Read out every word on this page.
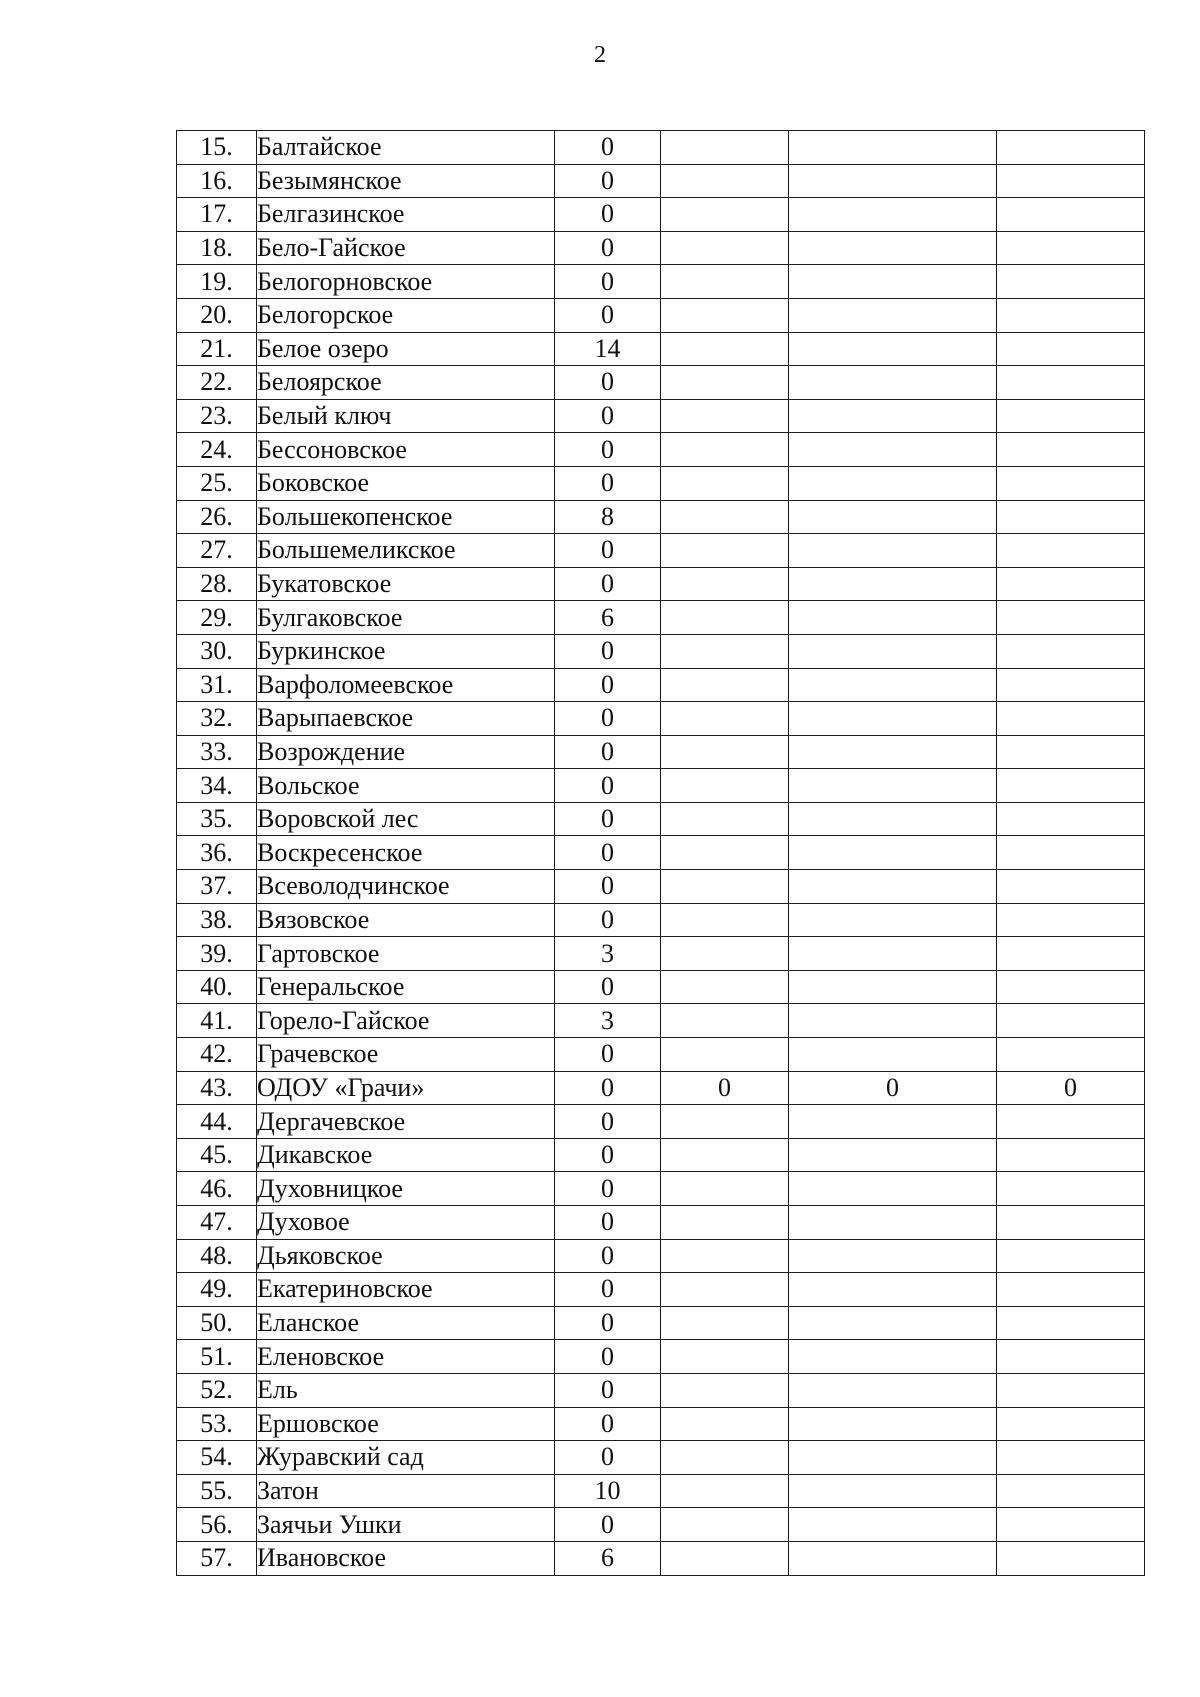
2
15.	Балтайское	0			
16.	Безымянское	0			
17.	Белгазинское	0			
18.	Бело-Гайское	0			
19.	Белогорновское	0			
20.	Белогорское	0			
21.	Белое озеро	14			
22.	Белоярское	0			
23.	Белый ключ	0			
24.	Бессоновское	0			
25.	Боковское	0			
26.	Большекопенское	8			
27.	Большемеликское	0			
28.	Букатовское	0			
29.	Булгаковское	6			
30.	Буркинское	0			
31.	Варфоломеевское	0			
32.	Варыпаевское	0			
33.	Возрождение	0			
34.	Вольское	0			
35.	Воровской лес	0			
36.	Воскресенское	0			
37.	Всеволодчинское	0			
38.	Вязовское	0			
39.	Гартовское	3			
40.	Генеральское	0			
41.	Горело-Гайское	3			
42.	Грачевское	0			
43.	ОДОУ «Грачи»	0	0	0	0
44.	Дергачевское	0			
45.	Дикавское	0			
46.	Духовницкое	0			
47.	Духовое	0			
48.	Дьяковское	0			
49.	Екатериновское	0			
50.	Еланское	0			
51.	Еленовское	0			
52.	Ель	0			
53.	Ершовское	0			
54.	Журавский сад	0			
55.	Затон	10			
56.	Заячьи Ушки	0			
57.	Ивановское	6			
